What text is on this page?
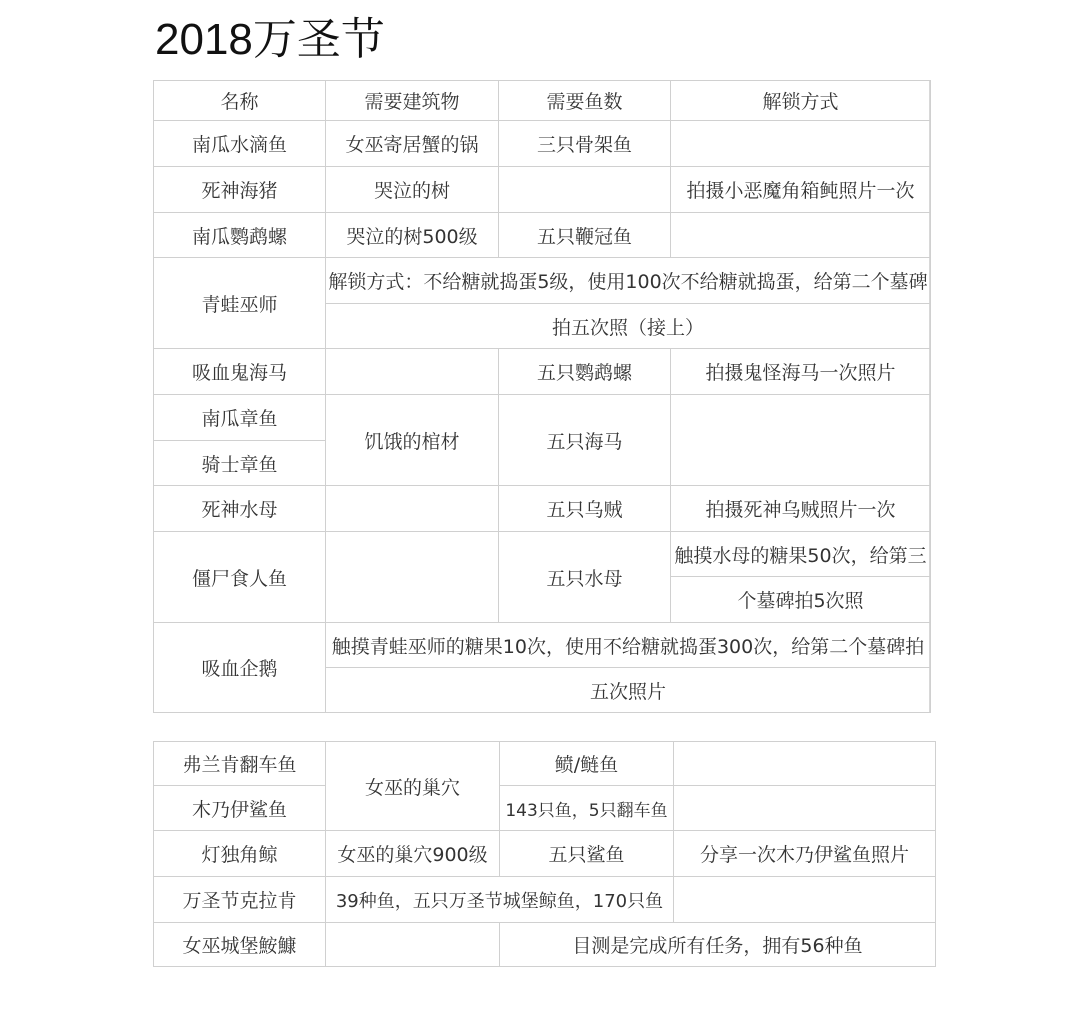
2018万圣节
名称	需要建筑物	需要鱼数	解锁方式
南瓜水滴鱼	女巫寄居蟹的锅	三只骨架鱼	
死神海猪	哭泣的树		拍摄小恶魔角箱鲀照片一次
南瓜鹦鹉螺	哭泣的树500级	五只鞭冠鱼	
青蛙巫师	解锁方式：不给糖就捣蛋5级，使用100次不给糖就捣蛋，给第二个墓碑		
	拍五次照（接上）		
吸血鬼海马		五只鹦鹉螺	拍摄鬼怪海马一次照片
南瓜章鱼	饥饿的棺材	五只海马	
骑士章鱼			
死神水母		五只乌贼	拍摄死神乌贼照片一次
僵尸食人鱼		五只水母	触摸水母的糖果50次，给第三
			个墓碑拍5次照
吸血企鹅	触摸青蛙巫师的糖果10次，使用不给糖就捣蛋300次，给第二个墓碑拍		
	五次照片		
弗兰肯翻车鱼	女巫的巢穴	鲼/鲢鱼	
木乃伊鲨鱼		143只鱼，5只翻车鱼	
灯独角鲸	女巫的巢穴900级	五只鲨鱼	分享一次木乃伊鲨鱼照片
万圣节克拉肯	39种鱼，五只万圣节城堡鲸鱼，170只鱼		
女巫城堡鮟鱇		目测是完成所有任务，拥有56种鱼	
